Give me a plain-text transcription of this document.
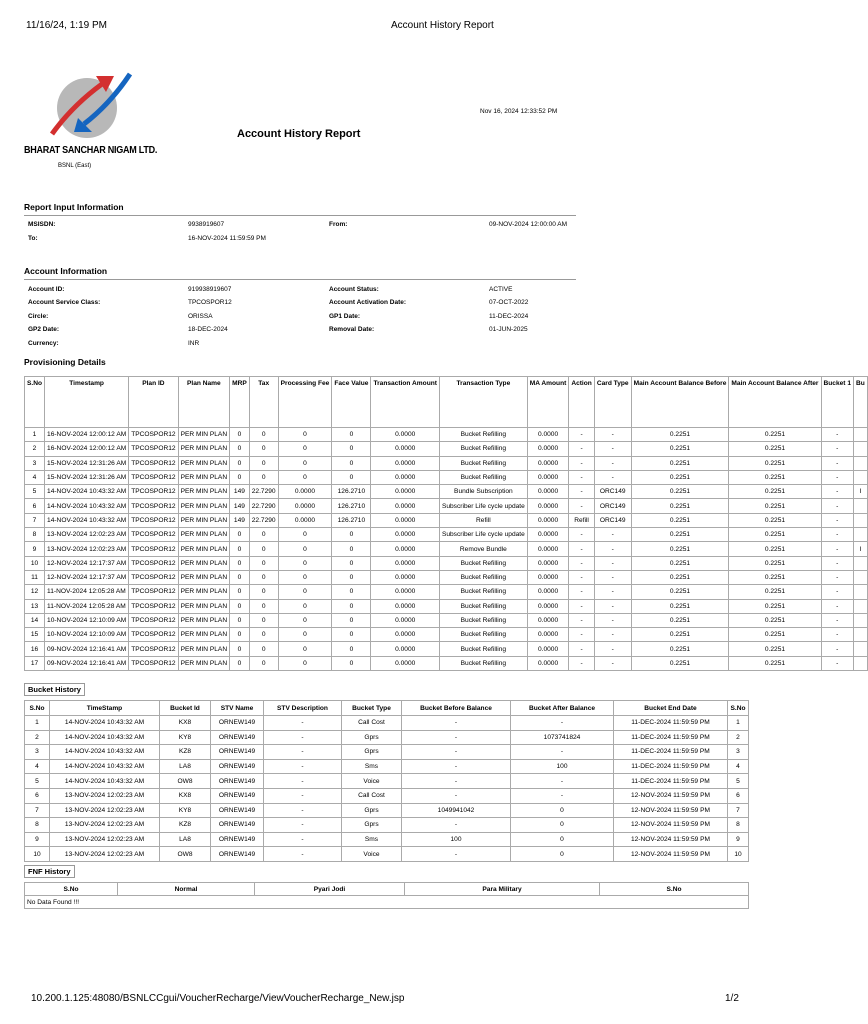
11/16/24, 1:19 PM	Account History Report
BHARAT SANCHAR NIGAM LTD.
BSNL (East)
Nov 16, 2024 12:33:52 PM
Account History Report
Report Input Information
MSISDN:	9938919607	From:	09-NOV-2024 12:00:00 AM
To:	16-NOV-2024 11:59:59 PM
Account Information
Account ID:	919938919607	Account Status:	ACTIVE
Account Service Class:	TPCOSPOR12	Account Activation Date:	07-OCT-2022
Circle:	ORISSA	GP1 Date:	11-DEC-2024
GP2 Date:	18-DEC-2024	Removal Date:	01-JUN-2025
Currency:	INR
Provisioning Details
S.No	Timestamp	Plan ID	Plan Name	MRP	Tax	Processing Fee	Face Value	Transaction Amount	Transaction Type	MA Amount	Action	Card Type	Main Account Balance Before	Main Account Balance After	Bucket 1	Bu
1	16-NOV-2024 12:00:12 AM	TPCOSPOR12	PER MIN PLAN	0	0	0	0	0.0000	Bucket Refilling	0.0000	-	-	0.2251	0.2251	-	
2	16-NOV-2024 12:00:12 AM	TPCOSPOR12	PER MIN PLAN	0	0	0	0	0.0000	Bucket Refilling	0.0000	-	-	0.2251	0.2251	-	
3	15-NOV-2024 12:31:26 AM	TPCOSPOR12	PER MIN PLAN	0	0	0	0	0.0000	Bucket Refilling	0.0000	-	-	0.2251	0.2251	-	
4	15-NOV-2024 12:31:26 AM	TPCOSPOR12	PER MIN PLAN	0	0	0	0	0.0000	Bucket Refilling	0.0000	-	-	0.2251	0.2251	-	
5	14-NOV-2024 10:43:32 AM	TPCOSPOR12	PER MIN PLAN	149	22.7290	0.0000	126.2710	0.0000	Bundle Subscription	0.0000	-	ORC149	0.2251	0.2251	-	I
6	14-NOV-2024 10:43:32 AM	TPCOSPOR12	PER MIN PLAN	149	22.7290	0.0000	126.2710	0.0000	Subscriber Life cycle update	0.0000	-	ORC149	0.2251	0.2251	-	
7	14-NOV-2024 10:43:32 AM	TPCOSPOR12	PER MIN PLAN	149	22.7290	0.0000	126.2710	0.0000	Refill	0.0000	Refill	ORC149	0.2251	0.2251	-	
8	13-NOV-2024 12:02:23 AM	TPCOSPOR12	PER MIN PLAN	0	0	0	0	0.0000	Subscriber Life cycle update	0.0000	-	-	0.2251	0.2251	-	
9	13-NOV-2024 12:02:23 AM	TPCOSPOR12	PER MIN PLAN	0	0	0	0	0.0000	Remove Bundle	0.0000	-	-	0.2251	0.2251	-	I
10	12-NOV-2024 12:17:37 AM	TPCOSPOR12	PER MIN PLAN	0	0	0	0	0.0000	Bucket Refilling	0.0000	-	-	0.2251	0.2251	-	
11	12-NOV-2024 12:17:37 AM	TPCOSPOR12	PER MIN PLAN	0	0	0	0	0.0000	Bucket Refilling	0.0000	-	-	0.2251	0.2251	-	
12	11-NOV-2024 12:05:28 AM	TPCOSPOR12	PER MIN PLAN	0	0	0	0	0.0000	Bucket Refilling	0.0000	-	-	0.2251	0.2251	-	
13	11-NOV-2024 12:05:28 AM	TPCOSPOR12	PER MIN PLAN	0	0	0	0	0.0000	Bucket Refilling	0.0000	-	-	0.2251	0.2251	-	
14	10-NOV-2024 12:10:09 AM	TPCOSPOR12	PER MIN PLAN	0	0	0	0	0.0000	Bucket Refilling	0.0000	-	-	0.2251	0.2251	-	
15	10-NOV-2024 12:10:09 AM	TPCOSPOR12	PER MIN PLAN	0	0	0	0	0.0000	Bucket Refilling	0.0000	-	-	0.2251	0.2251	-	
16	09-NOV-2024 12:16:41 AM	TPCOSPOR12	PER MIN PLAN	0	0	0	0	0.0000	Bucket Refilling	0.0000	-	-	0.2251	0.2251	-	
17	09-NOV-2024 12:16:41 AM	TPCOSPOR12	PER MIN PLAN	0	0	0	0	0.0000	Bucket Refilling	0.0000	-	-	0.2251	0.2251	-	
Bucket History
S.No	TimeStamp	Bucket Id	STV Name	STV Description	Bucket Type	Bucket Before Balance	Bucket After Balance	Bucket End Date	S.No
1	14-NOV-2024 10:43:32 AM	KX8	ORNEW149	-	Call Cost	-	-	11-DEC-2024 11:59:59 PM	1
2	14-NOV-2024 10:43:32 AM	KY8	ORNEW149	-	Gprs	-	1073741824	11-DEC-2024 11:59:59 PM	2
3	14-NOV-2024 10:43:32 AM	KZ8	ORNEW149	-	Gprs	-	-	11-DEC-2024 11:59:59 PM	3
4	14-NOV-2024 10:43:32 AM	LA8	ORNEW149	-	Sms	-	100	11-DEC-2024 11:59:59 PM	4
5	14-NOV-2024 10:43:32 AM	OW8	ORNEW149	-	Voice	-	-	11-DEC-2024 11:59:59 PM	5
6	13-NOV-2024 12:02:23 AM	KX8	ORNEW149	-	Call Cost	-	-	12-NOV-2024 11:59:59 PM	6
7	13-NOV-2024 12:02:23 AM	KY8	ORNEW149	-	Gprs	1049941042	0	12-NOV-2024 11:59:59 PM	7
8	13-NOV-2024 12:02:23 AM	KZ8	ORNEW149	-	Gprs	-	0	12-NOV-2024 11:59:59 PM	8
9	13-NOV-2024 12:02:23 AM	LA8	ORNEW149	-	Sms	100	0	12-NOV-2024 11:59:59 PM	9
10	13-NOV-2024 12:02:23 AM	OW8	ORNEW149	-	Voice	-	0	12-NOV-2024 11:59:59 PM	10
FNF History
S.No	Normal	Pyari Jodi	Para Military	S.No
No Data Found !!!
10.200.1.125:48080/BSNLCCgui/VoucherRecharge/ViewVoucherRecharge_New.jsp	1/2
